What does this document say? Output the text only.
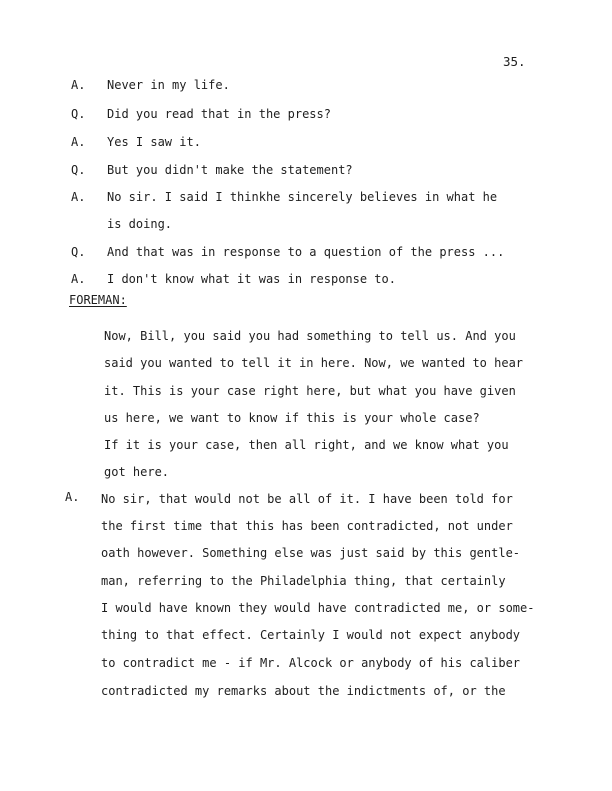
35.
A. Never in my life.
Q. Did you read that in the press?
A. Yes I saw it.
Q. But you didn't make the statement?
A. No sir. I said I thinkhe sincerely believes in what he
is doing.
Q. And that was in response to a question of the press ...
A. I don't know what it was in response to.
FOREMAN:
Now, Bill, you said you had something to tell us. And you
said you wanted to tell it in here. Now, we wanted to hear
it. This is your case right here, but what you have given
us here, we want to know if this is your whole case?
If it is your case, then all right, and we know what you
got here.
A. No sir, that would not be all of it. I have been told for
the first time that this has been contradicted, not under
oath however. Something else was just said by this gentle-
man, referring to the Philadelphia thing, that certainly
I would have known they would have contradicted me, or some-
thing to that effect. Certainly I would not expect anybody
to contradict me - if Mr. Alcock or anybody of his caliber
contradicted my remarks about the indictments of, or the
